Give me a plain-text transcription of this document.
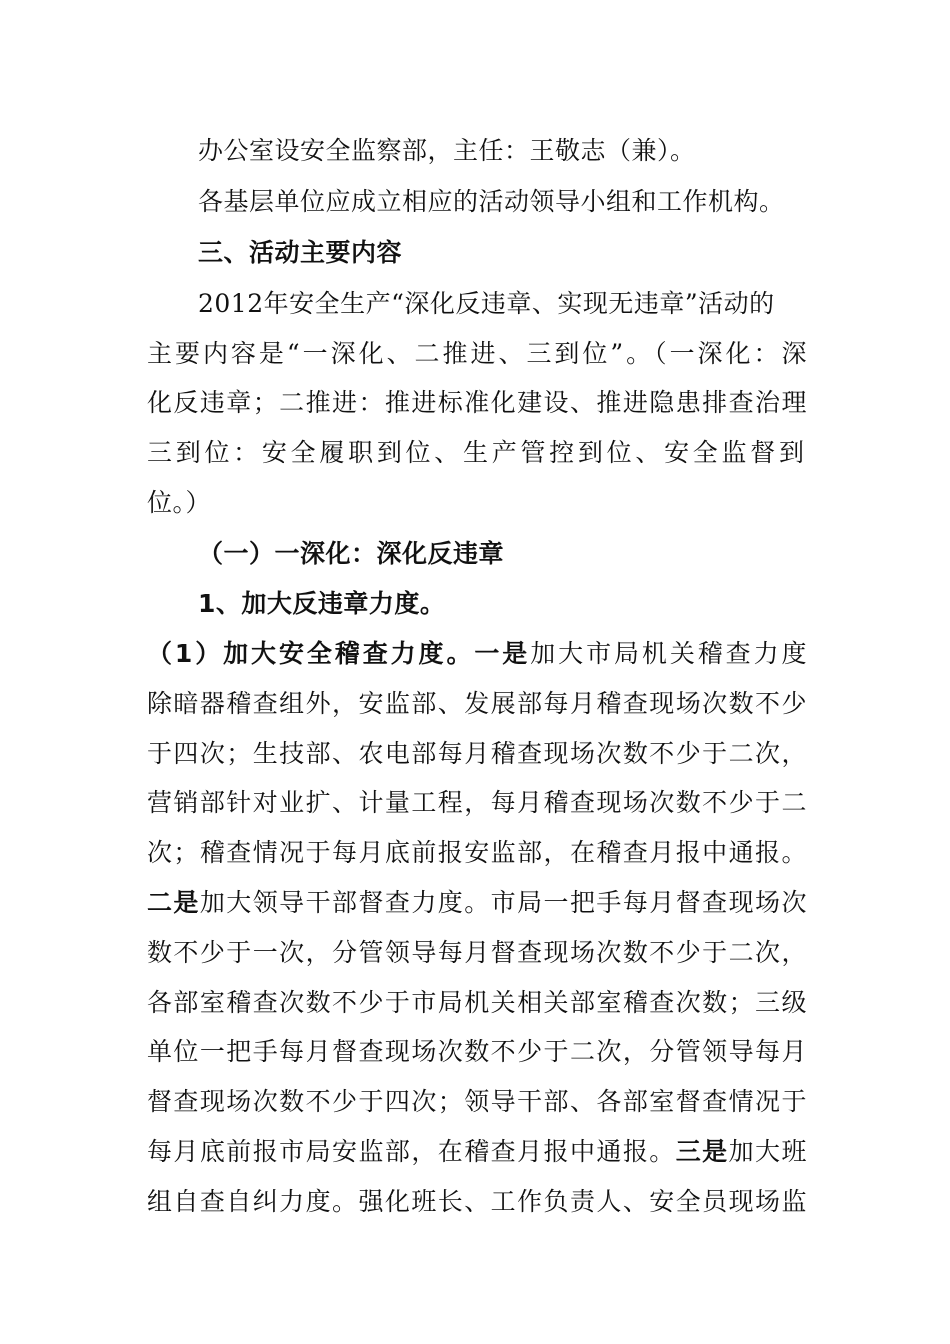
办公室设安全监察部，主任：王敬志（兼）。
各基层单位应成立相应的活动领导小组和工作机构。
三、活动主要内容
2012年安全生产“深化反违章、实现无违章”活动的
主要内容是“一深化、二推进、三到位”。（一深化：深
化反违章；二推进：推进标准化建设、推进隐患排查治理
三到位：安全履职到位、生产管控到位、安全监督到
位。）
（一）一深化：深化反违章
1、加大反违章力度。
（1）加大安全稽查力度。一是加大市局机关稽查力度
除暗器稽查组外，安监部、发展部每月稽查现场次数不少
于四次；生技部、农电部每月稽查现场次数不少于二次，
营销部针对业扩、计量工程，每月稽查现场次数不少于二
次；稽查情况于每月底前报安监部，在稽查月报中通报。
二是加大领导干部督查力度。市局一把手每月督查现场次
数不少于一次，分管领导每月督查现场次数不少于二次，
各部室稽查次数不少于市局机关相关部室稽查次数；三级
单位一把手每月督查现场次数不少于二次，分管领导每月
督查现场次数不少于四次；领导干部、各部室督查情况于
每月底前报市局安监部，在稽查月报中通报。三是加大班
组自查自纠力度。强化班长、工作负责人、安全员现场监
